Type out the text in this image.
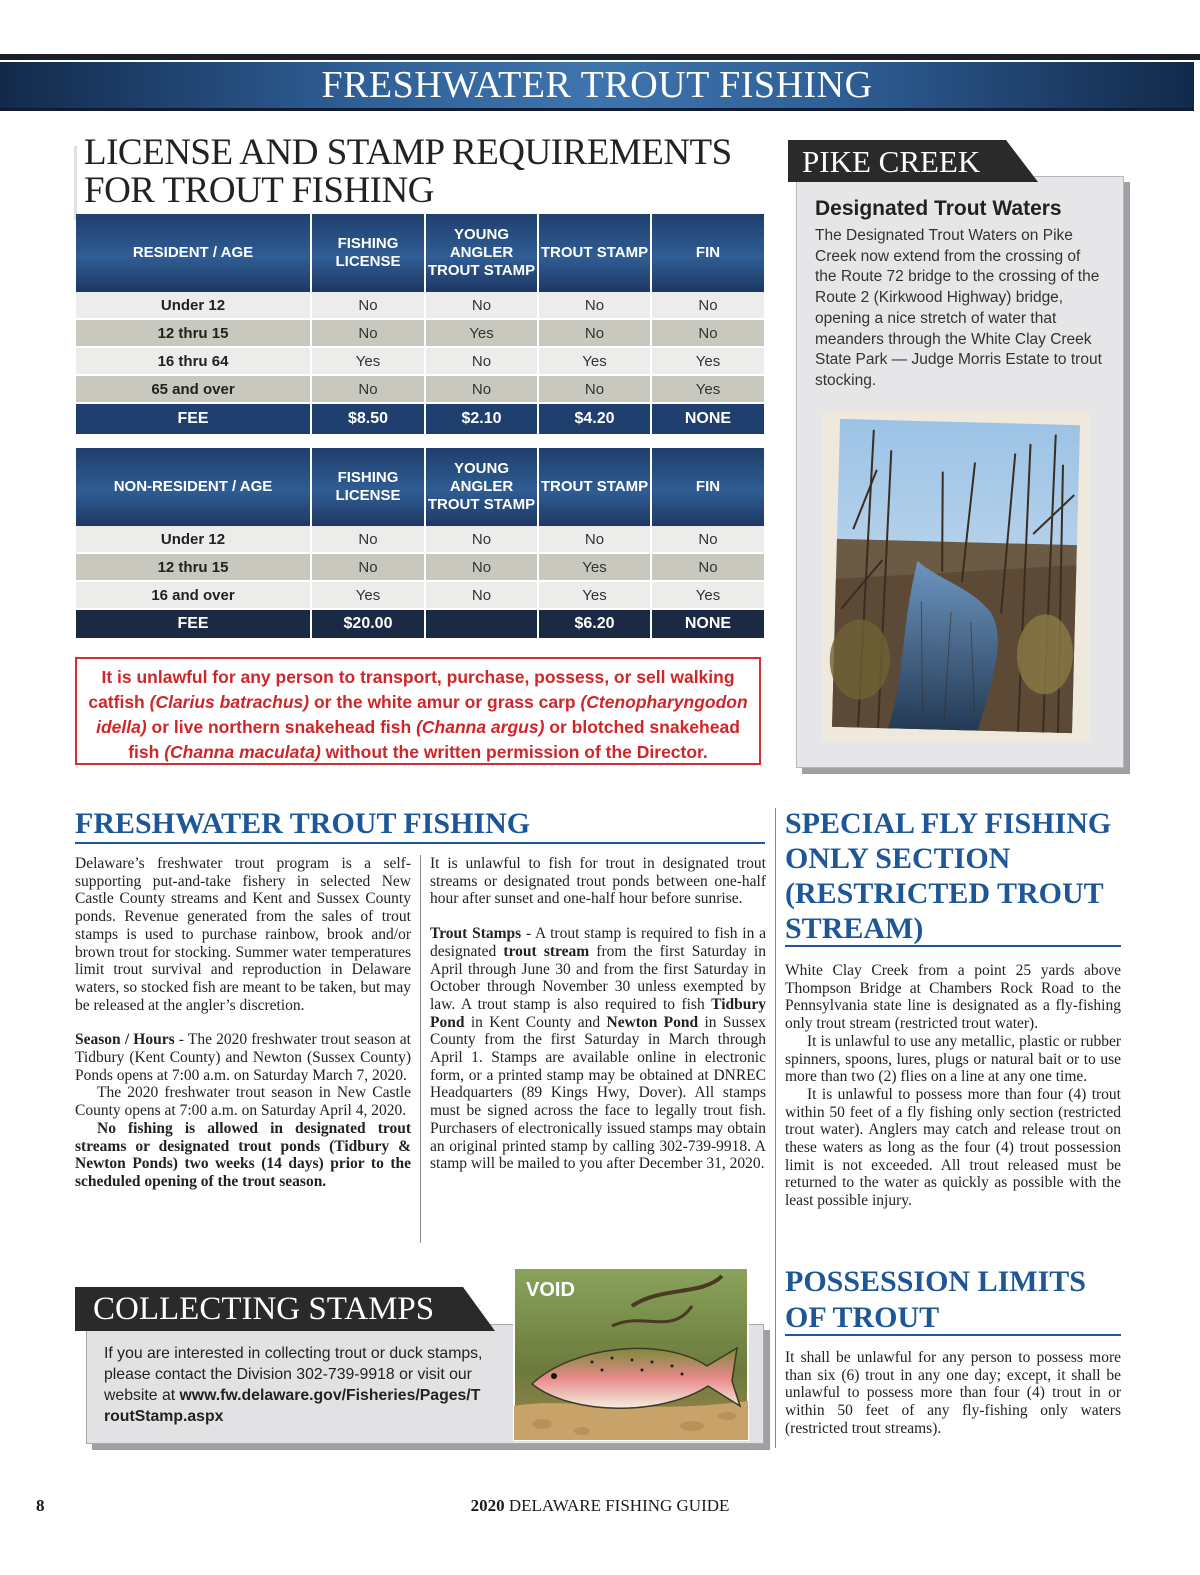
FRESHWATER TROUT FISHING
LICENSE AND STAMP REQUIREMENTS
FOR TROUT FISHING
RESIDENT / AGE	FISHING LICENSE	YOUNG ANGLER TROUT STAMP	TROUT STAMP	FIN
Under 12	No	No	No	No
12 thru 15	No	Yes	No	No
16 thru 64	Yes	No	Yes	Yes
65 and over	No	No	No	Yes
FEE	$8.50	$2.10	$4.20	NONE
NON-RESIDENT / AGE	FISHING LICENSE	YOUNG ANGLER TROUT STAMP	TROUT STAMP	FIN
Under 12	No	No	No	No
12 thru 15	No	No	Yes	No
16 and over	Yes	No	Yes	Yes
FEE	$20.00		$6.20	NONE
It is unlawful for any person to transport, purchase, possess, or sell walking catfish (Clarius batrachus) or the white amur or grass carp (Ctenopharyngodon idella) or live northern snakehead fish (Channa argus) or blotched snakehead fish (Channa maculata) without the written permission of the Director.
PIKE CREEK
Designated Trout Waters

The Designated Trout Waters on Pike Creek now extend from the crossing of the Route 72 bridge to the crossing of the Route 2 (Kirkwood Highway) bridge, opening a nice stretch of water that meanders through the White Clay Creek State Park — Judge Morris Estate to trout stocking.

FRESHWATER TROUT FISHING

Delaware’s freshwater trout program is a self-supporting put-and-take fishery in selected New Castle County streams and Kent and Sussex County ponds. Revenue generated from the sales of trout stamps is used to purchase rainbow, brook and/or brown trout for stocking. Summer water temperatures limit trout survival and reproduction in Delaware waters, so stocked fish are meant to be taken, but may be released at the angler’s discretion.

Season / Hours - The 2020 freshwater trout season at Tidbury (Kent County) and Newton (Sussex County) Ponds opens at 7:00 a.m. on Saturday March 7, 2020.

The 2020 freshwater trout season in New Castle County opens at 7:00 a.m. on Saturday April 4, 2020.

No fishing is allowed in designated trout streams or designated trout ponds (Tidbury & Newton Ponds) two weeks (14 days) prior to the scheduled opening of the trout season.

It is unlawful to fish for trout in designated trout streams or designated trout ponds between one-half hour after sunset and one-half hour before sunrise.

Trout Stamps - A trout stamp is required to fish in a designated trout stream from the first Saturday in April through June 30 and from the first Saturday in October through November 30 unless exempted by law. A trout stamp is also required to fish Tidbury Pond in Kent County and Newton Pond in Sussex County from the first Saturday in March through April 1. Stamps are available online in electronic form, or a printed stamp may be obtained at DNREC Headquarters (89 Kings Hwy, Dover). All stamps must be signed across the face to legally trout fish. Purchasers of electronically issued stamps may obtain an original printed stamp by calling 302-739-9918. A stamp will be mailed to you after December 31, 2020.

SPECIAL FLY FISHING ONLY SECTION (RESTRICTED TROUT STREAM)

White Clay Creek from a point 25 yards above Thompson Bridge at Chambers Rock Road to the Pennsylvania state line is designated as a fly-fishing only trout stream (restricted trout water).

It is unlawful to use any metallic, plastic or rubber spinners, spoons, lures, plugs or natural bait or to use more than two (2) flies on a line at any one time.

It is unlawful to possess more than four (4) trout within 50 feet of a fly fishing only section (restricted trout water). Anglers may catch and release trout on these waters as long as the four (4) trout possession limit is not exceeded. All trout released must be returned to the water as quickly as possible with the least possible injury.

POSSESSION LIMITS OF TROUT

It shall be unlawful for any person to possess more than six (6) trout in any one day; except, it shall be unlawful to possess more than four (4) trout in or within 50 feet of any fly-fishing only waters (restricted trout streams).

COLLECTING STAMPS

If you are interested in collecting trout or duck stamps, please contact the Division 302-739-9918 or visit our website at www.fw.delaware.gov/Fisheries/Pages/TroutStamp.aspx

VOID
2020 DELAWARE FISHING GUIDE
8
